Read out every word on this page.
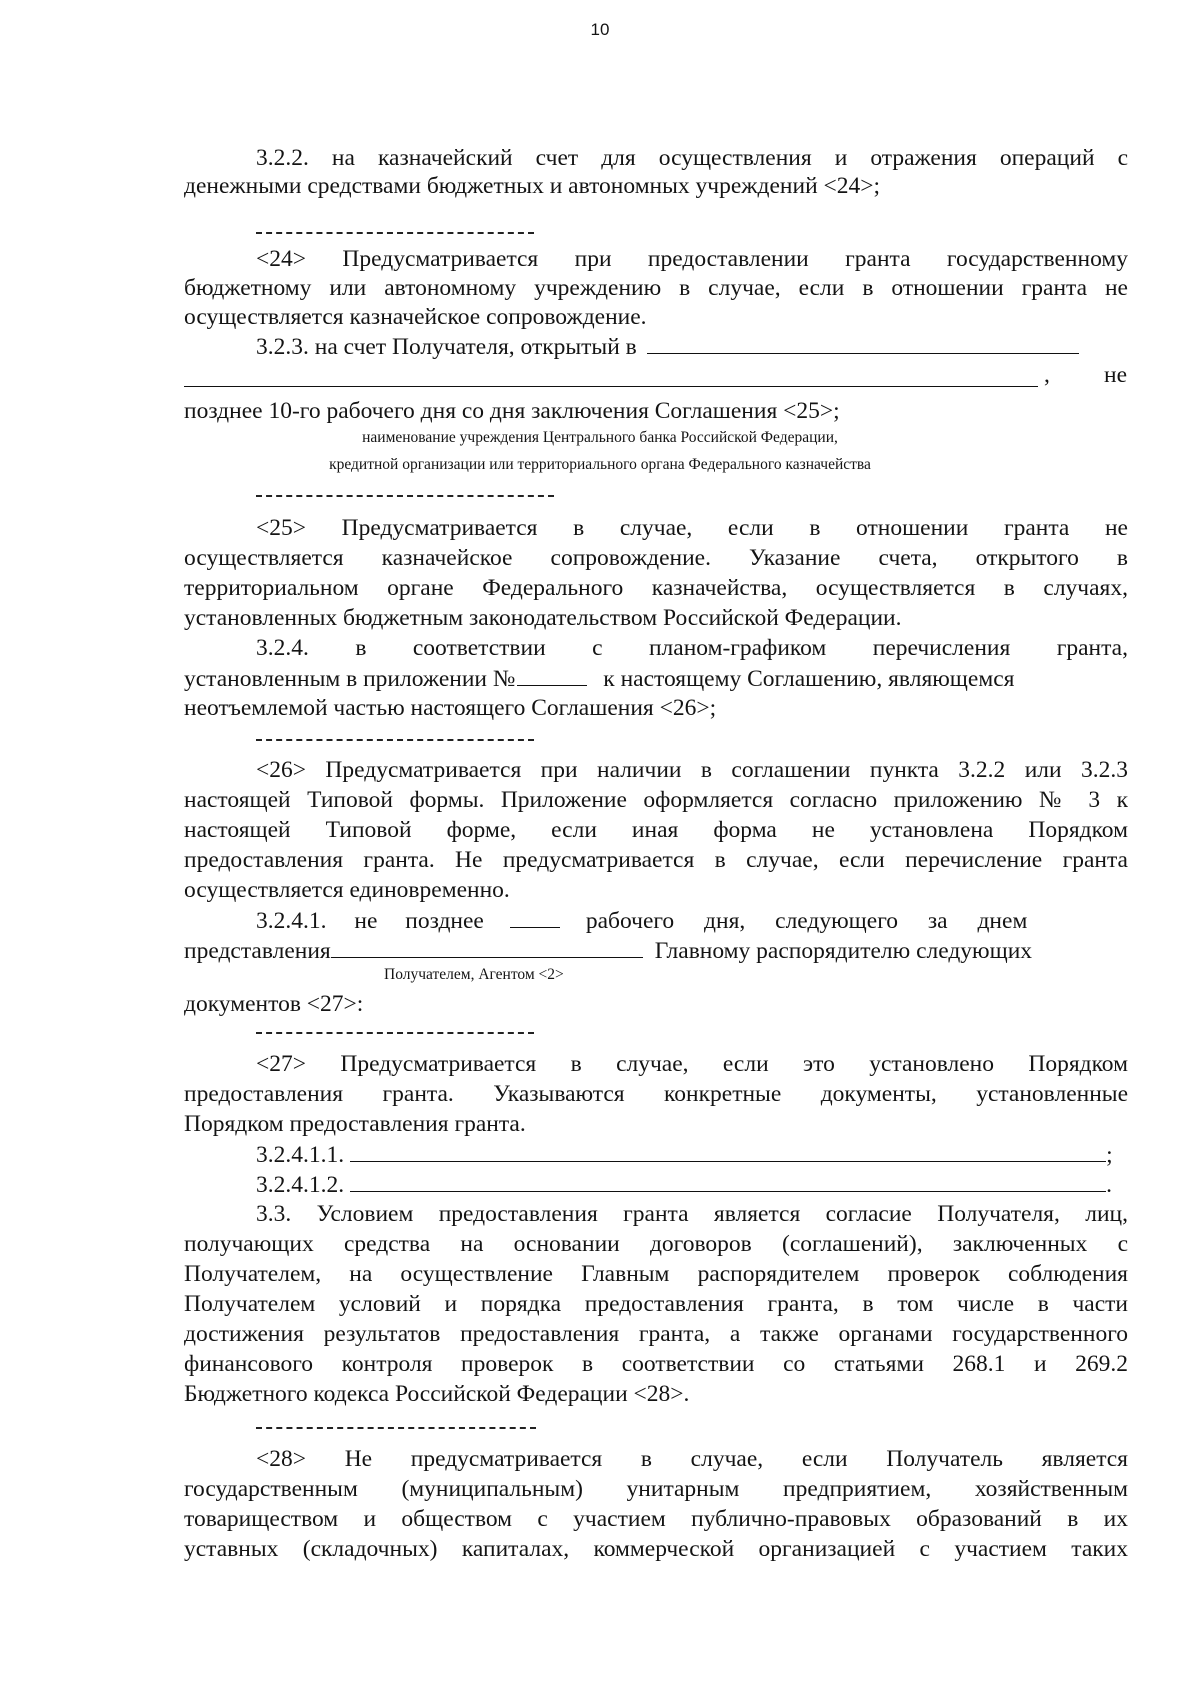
10
3.2.2. на казначейский счет для осуществления и отражения операций с
денежными средствами бюджетных и автономных учреждений <24>;
<24> Предусматривается при предоставлении гранта государственному
бюджетному или автономному учреждению в случае, если в отношении гранта не
осуществляется казначейское сопровождение.
3.2.3. на счет Получателя, открытый в
, не
позднее 10-го рабочего дня со дня заключения Соглашения <25>;
наименование учреждения Центрального банка Российской Федерации,
кредитной организации или территориального органа Федерального казначейства
<25> Предусматривается в случае, если в отношении гранта не
осуществляется казначейское сопровождение. Указание счета, открытого в
территориальном органе Федерального казначейства, осуществляется в случаях,
установленных бюджетным законодательством Российской Федерации.
3.2.4. в соответствии с планом-графиком перечисления гранта,
установленным в приложении №	к настоящему Соглашению, являющемся
неотъемлемой частью настоящего Соглашения <26>;
<26> Предусматривается при наличии в соглашении пункта 3.2.2 или 3.2.3
настоящей Типовой формы. Приложение оформляется согласно приложению № 3 к
настоящей Типовой форме, если иная форма не установлена Порядком
предоставления гранта. Не предусматривается в случае, если перечисление гранта
осуществляется единовременно.
3.2.4.1. не позднее	рабочего дня, следующего за днем
представления	Главному распорядителю следующих
Получателем, Агентом <2>
документов <27>:
<27> Предусматривается в случае, если это установлено Порядком
предоставления гранта. Указываются конкретные документы, установленные
Порядком предоставления гранта.
3.2.4.1.1.	;
3.2.4.1.2.	.
3.3. Условием предоставления гранта является согласие Получателя, лиц,
получающих средства на основании договоров (соглашений), заключенных с
Получателем, на осуществление Главным распорядителем проверок соблюдения
Получателем условий и порядка предоставления гранта, в том числе в части
достижения результатов предоставления гранта, а также органами государственного
финансового контроля проверок в соответствии со статьями 268.1 и 269.2
Бюджетного кодекса Российской Федерации <28>.
<28> Не предусматривается в случае, если Получатель является
государственным (муниципальным) унитарным предприятием, хозяйственным
товариществом и обществом с участием публично-правовых образований в их
уставных (складочных) капиталах, коммерческой организацией с участием таких
